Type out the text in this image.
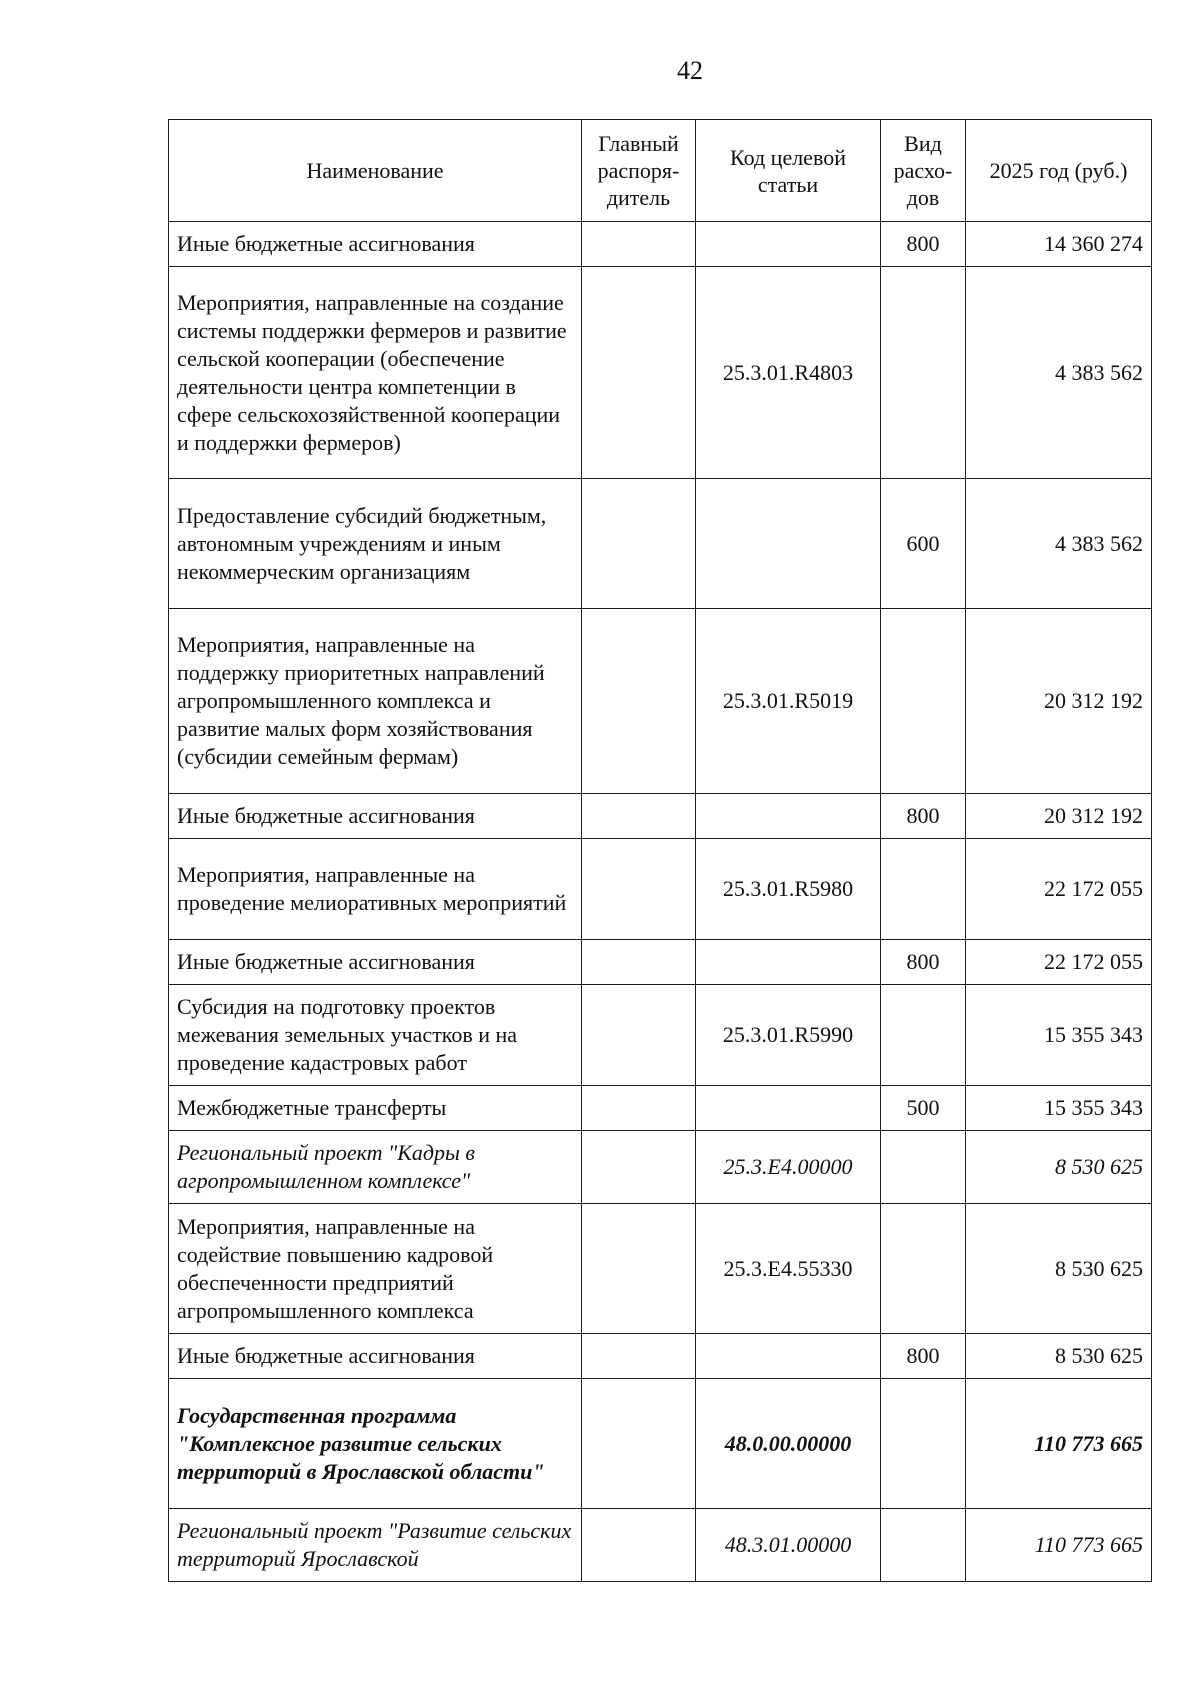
42
Наименование	Главный распоря-дитель	Код целевой статьи	Вид расхо-дов	2025 год (руб.)
Иные бюджетные ассигнования			800	14 360 274
Мероприятия, направленные на создание системы поддержки фермеров и развитие сельской кооперации (обеспечение деятельности центра компетенции в сфере сельскохозяйственной кооперации и поддержки фермеров)		25.3.01.R4803		4 383 562
Предоставление субсидий бюджетным, автономным учреждениям и иным некоммерческим организациям			600	4 383 562
Мероприятия, направленные на поддержку приоритетных направлений агропромышленного комплекса и развитие малых форм хозяйствования (субсидии семейным фермам)		25.3.01.R5019		20 312 192
Иные бюджетные ассигнования			800	20 312 192
Мероприятия, направленные на проведение мелиоративных мероприятий		25.3.01.R5980		22 172 055
Иные бюджетные ассигнования			800	22 172 055
Субсидия на подготовку проектов межевания земельных участков и на проведение кадастровых работ		25.3.01.R5990		15 355 343
Межбюджетные трансферты			500	15 355 343
Региональный проект "Кадры в агропромышленном комплексе"		25.3.E4.00000		8 530 625
Мероприятия, направленные на содействие повышению кадровой обеспеченности предприятий агропромышленного комплекса		25.3.E4.55330		8 530 625
Иные бюджетные ассигнования			800	8 530 625
Государственная программа "Комплексное развитие сельских территорий в Ярославской области"		48.0.00.00000		110 773 665
Региональный проект "Развитие сельских территорий Ярославской		48.3.01.00000		110 773 665
